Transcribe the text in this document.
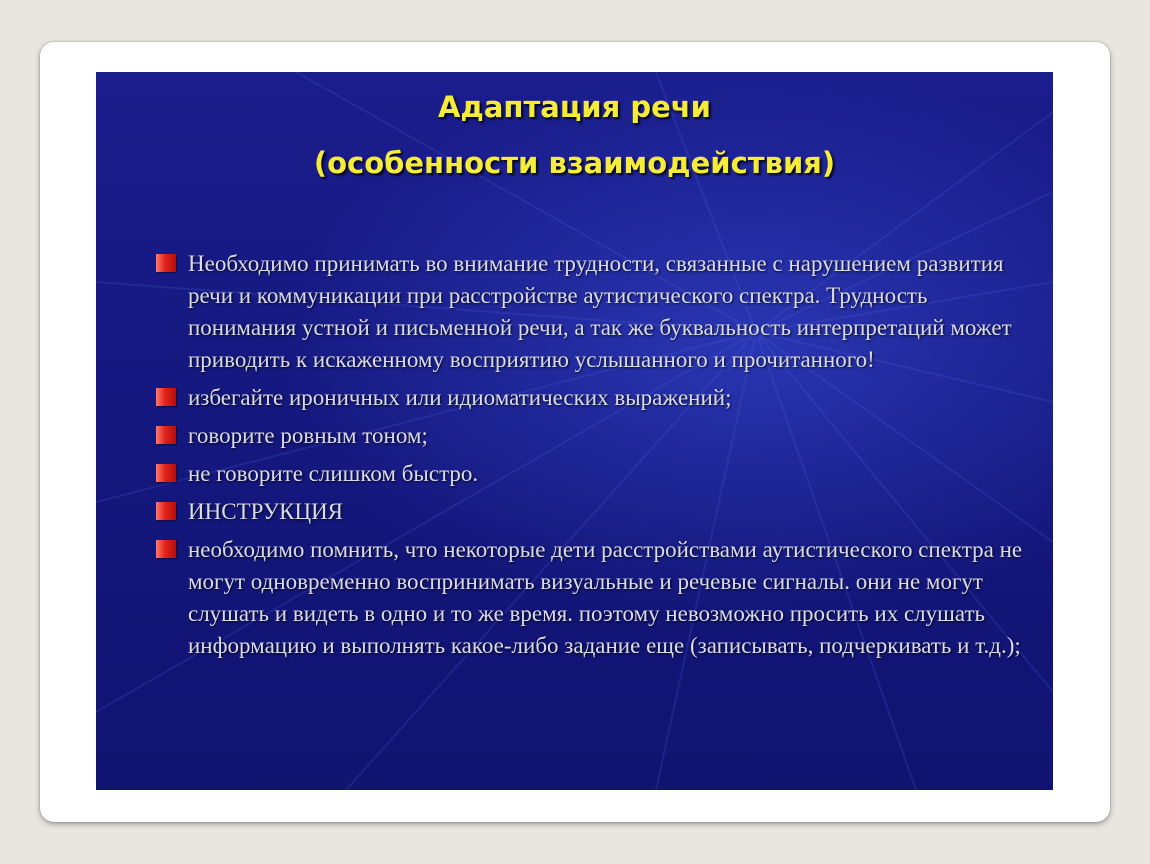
Адаптация речи
(особенности взаимодействия)
Необходимо принимать во внимание трудности, связанные с нарушением развития речи и коммуникации при расстройстве аутистического спектра. Трудность понимания устной и письменной речи, а так же буквальность интерпретаций может приводить к искаженному восприятию услышанного и прочитанного!
избегайте ироничных или идиоматических выражений;
говорите ровным тоном;
не говорите слишком быстро.
ИНСТРУКЦИЯ
необходимо помнить, что некоторые дети расстройствами аутистического спектра не могут одновременно воспринимать визуальные и речевые сигналы. они не могут слушать и видеть в одно и то же время. поэтому невозможно просить их слушать информацию и выполнять какое-либо задание еще (записывать, подчеркивать и т.д.);
